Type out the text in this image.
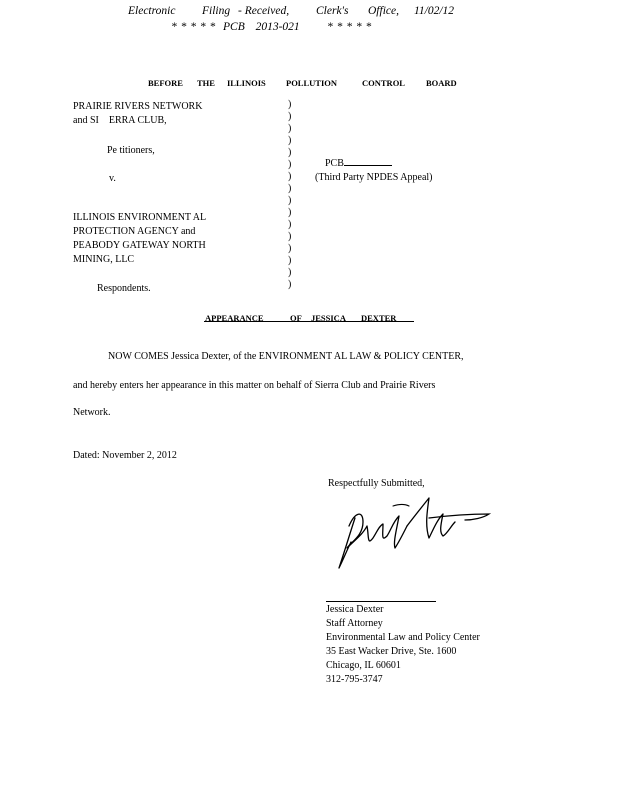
Electronic Filing - Received, Clerk's Office, 11/02/12
* * * * * PCB 2013-021 * * * * *
BEFORE THE ILLINOIS POLLUTION	CONTROL BOARD
PRAIRIE RIVERS NETWORK
and SI    ERRA CLUB,
Pe titioners,
v.
ILLINOIS ENVIRONMENT AL
PROTECTION AGENCY and
PEABODY GATEWAY NORTH
MINING, LLC
Respondents.
)
)
)
)
)
)
)
)
)
)
)
)
)
)
)
)
PCB
(Third Party NPDES Appeal)
APPEARANCE	OF JESSICA DEXTER
NOW COMES Jessica Dexter, of the ENVIRONMENT AL LAW & POLICY CENTER,
and hereby enters her appearance in this matter on behalf of Sierra Club and Prairie Rivers
Network.
Dated: November 2, 2012
Respectfully Submitted,
Jessica Dexter
Staff Attorney
Environmental Law and Policy Center
35 East Wacker Drive, Ste. 1600
Chicago, IL 60601
312-795-3747
